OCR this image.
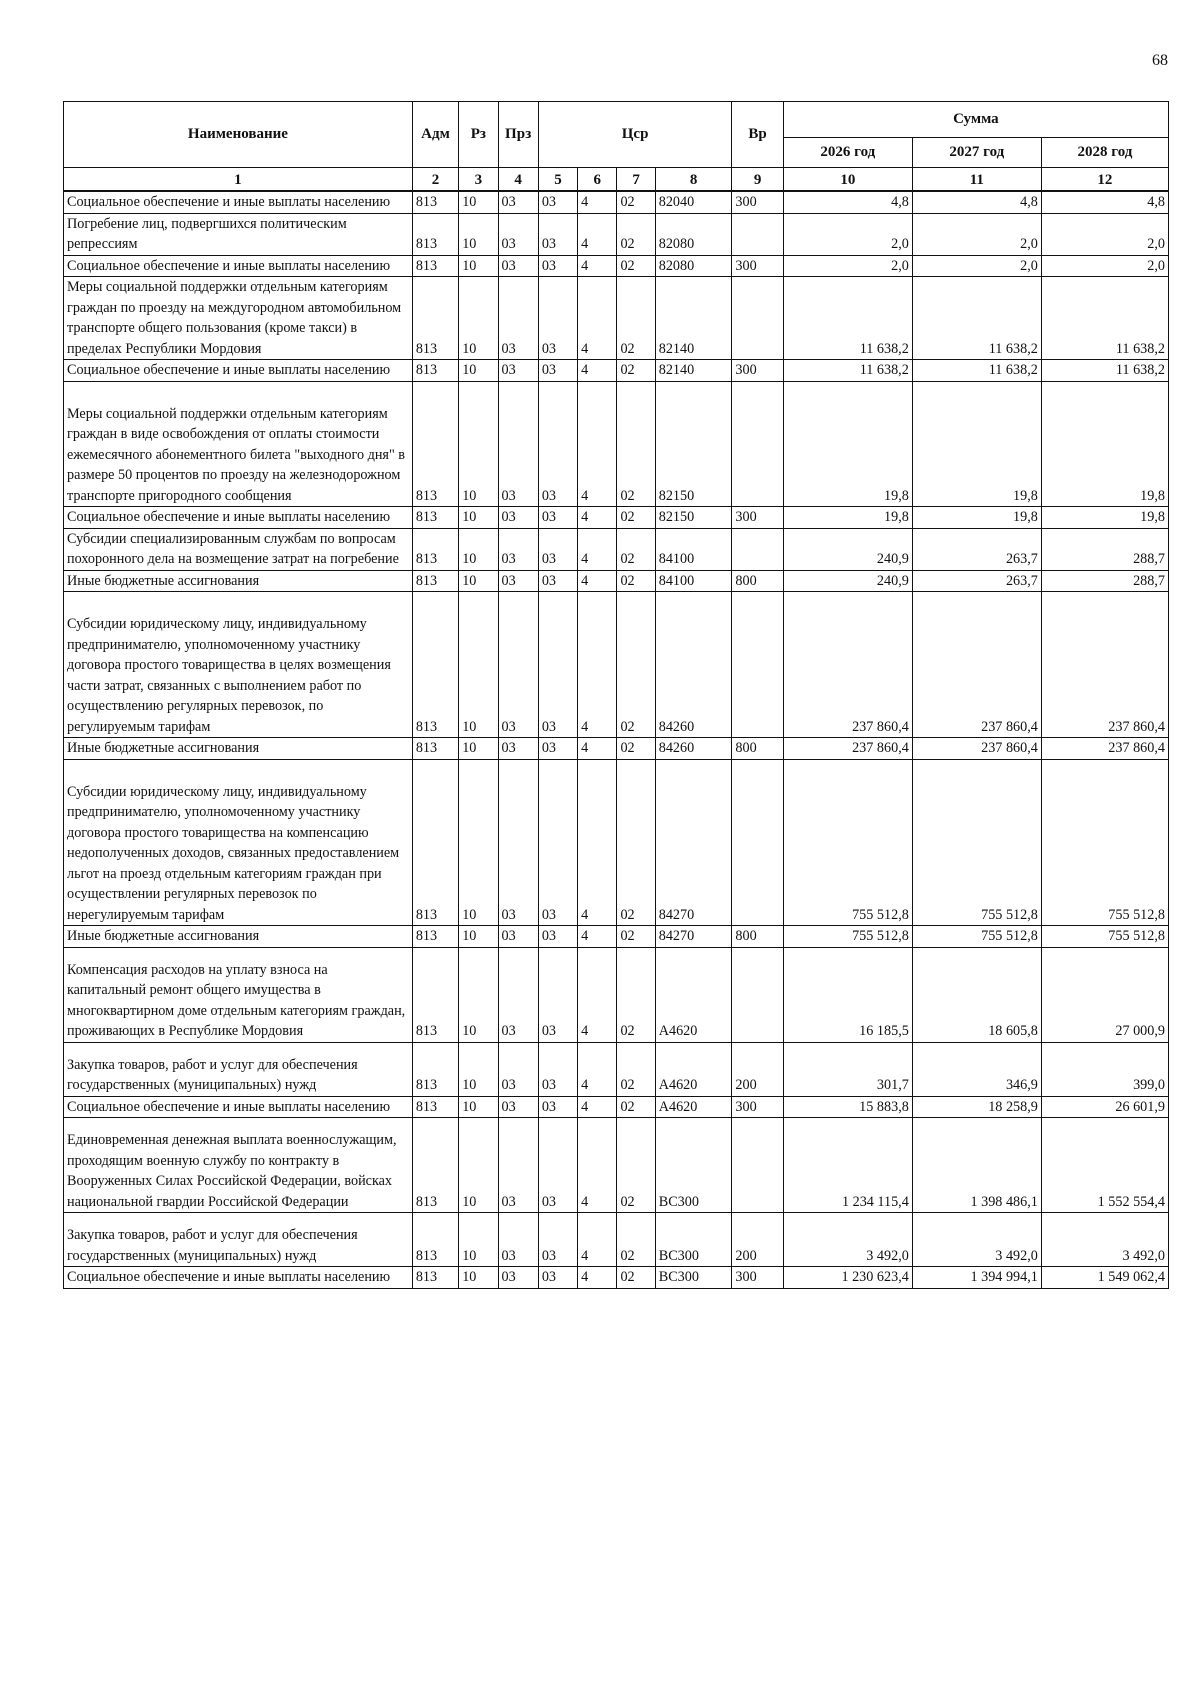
68
Наименование	Адм	Рз	Прз	Цср				Вр	Сумма		
									2026 год	2027 год	2028 год
1	2	3	4	5	6	7	8	9	10	11	12
Социальное обеспечение и иные выплаты населению	813	10	03	03	4	02	82040	300	4,8	4,8	4,8
Погребение лиц, подвергшихся политическим репрессиям	813	10	03	03	4	02	82080		2,0	2,0	2,0
Социальное обеспечение и иные выплаты населению	813	10	03	03	4	02	82080	300	2,0	2,0	2,0
Меры социальной поддержки отдельным категориям граждан по проезду на междугородном автомобильном транспорте общего пользования (кроме такси) в пределах Республики Мордовия	813	10	03	03	4	02	82140		11 638,2	11 638,2	11 638,2
Социальное обеспечение и иные выплаты населению	813	10	03	03	4	02	82140	300	11 638,2	11 638,2	11 638,2
Меры социальной поддержки отдельным категориям граждан в виде освобождения от оплаты стоимости ежемесячного абонементного билета "выходного дня" в размере 50 процентов по проезду на железнодорожном транспорте пригородного сообщения	813	10	03	03	4	02	82150		19,8	19,8	19,8
Социальное обеспечение и иные выплаты населению	813	10	03	03	4	02	82150	300	19,8	19,8	19,8
Субсидии специализированным службам по вопросам похоронного дела на возмещение затрат на погребение	813	10	03	03	4	02	84100		240,9	263,7	288,7
Иные бюджетные ассигнования	813	10	03	03	4	02	84100	800	240,9	263,7	288,7
Субсидии юридическому лицу, индивидуальному предпринимателю, уполномоченному участнику договора простого товарищества в целях возмещения части затрат, связанных с выполнением работ по осуществлению регулярных перевозок, по регулируемым тарифам	813	10	03	03	4	02	84260		237 860,4	237 860,4	237 860,4
Иные бюджетные ассигнования	813	10	03	03	4	02	84260	800	237 860,4	237 860,4	237 860,4
Субсидии юридическому лицу, индивидуальному предпринимателю, уполномоченному участнику договора простого товарищества на компенсацию недополученных доходов, связанных предоставлением льгот на проезд отдельным категориям граждан при осуществлении регулярных перевозок по нерегулируемым тарифам	813	10	03	03	4	02	84270		755 512,8	755 512,8	755 512,8
Иные бюджетные ассигнования	813	10	03	03	4	02	84270	800	755 512,8	755 512,8	755 512,8
Компенсация расходов на уплату взноса на капитальный ремонт общего имущества в многоквартирном доме отдельным категориям граждан, проживающих в Республике Мордовия	813	10	03	03	4	02	А4620		16 185,5	18 605,8	27 000,9
Закупка товаров, работ и услуг для обеспечения государственных (муниципальных) нужд	813	10	03	03	4	02	А4620	200	301,7	346,9	399,0
Социальное обеспечение и иные выплаты населению	813	10	03	03	4	02	А4620	300	15 883,8	18 258,9	26 601,9
Единовременная денежная выплата военнослужащим, проходящим военную службу по контракту в Вооруженных Силах Российской Федерации, войсках национальной гвардии Российской Федерации	813	10	03	03	4	02	ВС300		1 234 115,4	1 398 486,1	1 552 554,4
Закупка товаров, работ и услуг для обеспечения государственных (муниципальных) нужд	813	10	03	03	4	02	ВС300	200	3 492,0	3 492,0	3 492,0
Социальное обеспечение и иные выплаты населению	813	10	03	03	4	02	ВС300	300	1 230 623,4	1 394 994,1	1 549 062,4
